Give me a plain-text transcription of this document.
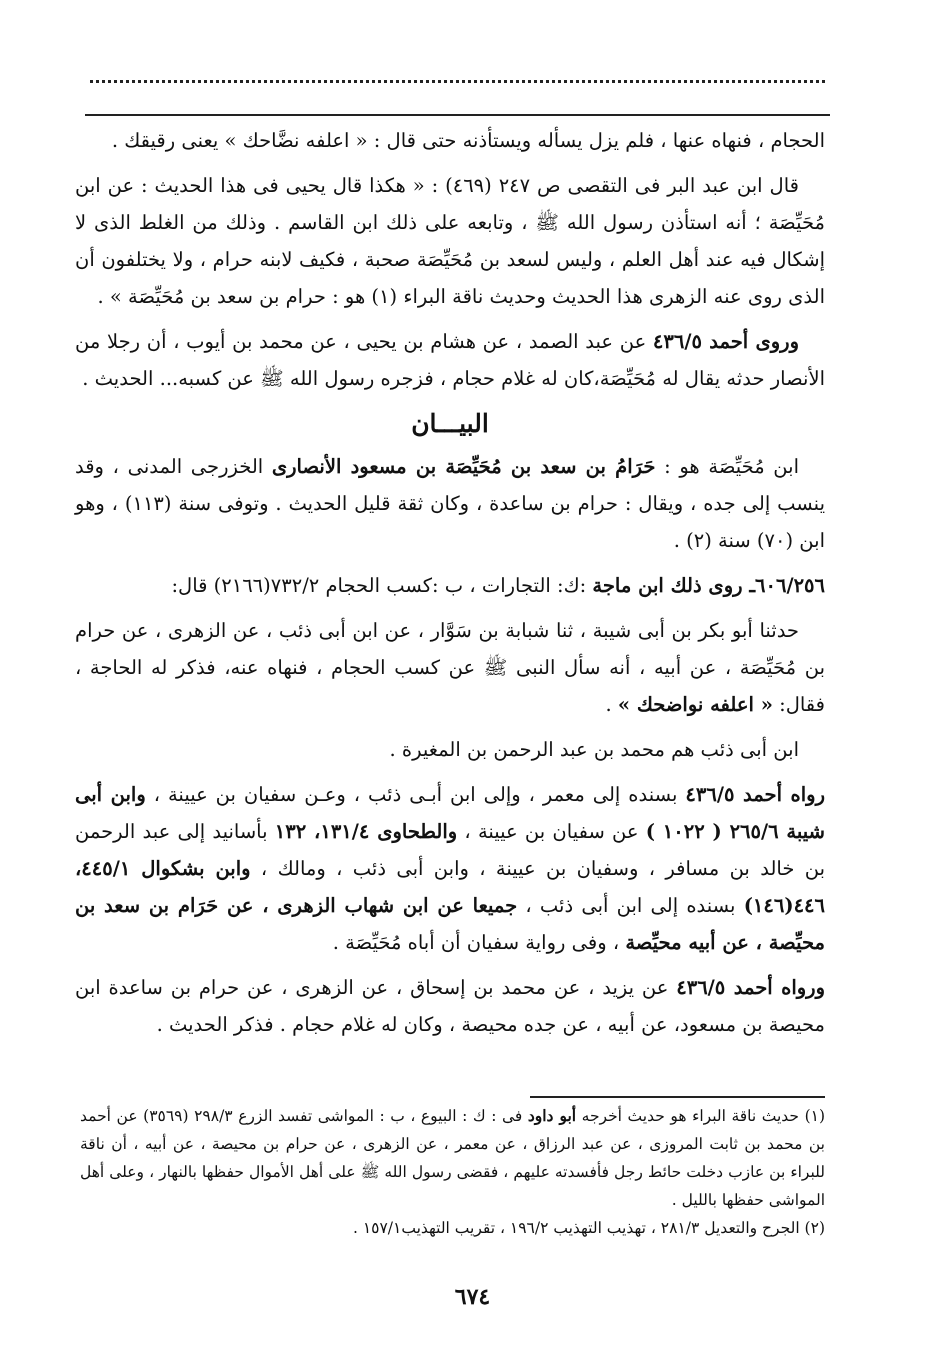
الحجام ، فنهاه عنها ، فلم يزل يسأله ويستأذنه حتى قال : « اعلفه نضَّاحك » يعنى رقيقك .

قال ابن عبد البر فى التقصى ص ٢٤٧ (٤٦٩) : « هكذا قال يحيى فى هذا الحديث : عن ابن مُحَيِّصَة ؛ أنه استأذن رسول الله ﷺ ، وتابعه على ذلك ابن القاسم . وذلك من الغلط الذى لا إشكال فيه عند أهل العلم ، وليس لسعد بن مُحَيِّصَة صحبة ، فكيف لابنه حرام ، ولا يختلفون أن الذى روى عنه الزهرى هذا الحديث وحديث ناقة البراء (١) هو : حرام بن سعد بن مُحَيِّصَة » .

وروى أحمد ٤٣٦/٥ عن عبد الصمد ، عن هشام بن يحيى ، عن محمد بن أيوب ، أن رجلا من الأنصار حدثه يقال له مُحَيِّصَة،كان له غلام حجام ، فزجره رسول الله ﷺ عن كسبه... الحديث .

البيـــان

ابن مُحَيِّصَة هو : حَرَامُ بن سعد بن مُحَيِّصَة بن مسعود الأنصارى الخزرجى المدنى ، وقد ينسب إلى جده ، ويقال : حرام بن ساعدة ، وكان ثقة قليل الحديث . وتوفى سنة (١١٣) ، وهو ابن (٧٠) سنة (٢) .

٦٠٦/٢٥٦ـ روى ذلك ابن ماجة :ك: التجارات ، ب :كسب الحجام ٧٣٢/٢(٢١٦٦) قال:

حدثنا أبو بكر بن أبى شيبة ، ثنا شبابة بن سَوَّار ، عن ابن أبى ذئب ، عن الزهرى ، عن حرام بن مُحَيِّصَة ، عن أبيه ، أنه سأل النبى ﷺ عن كسب الحجام ، فنهاه عنه، فذكر له الحاجة ، فقال: « اعلفه نواضحك » .

ابن أبى ذئب هم محمد بن عبد الرحمن بن المغيرة .

رواه أحمد ٤٣٦/٥ بسنده إلى معمر ، وإلى ابن أبـى ذئب ، وعـن سفيان بن عيينة ، وابن أبى شيبة ٢٦٥/٦ ( ١٠٢٢ ) عن سفيان بن عيينة ، والطحاوى ١٣١/٤، ١٣٢ بأسانيد إلى عبد الرحمن بن خالد بن مسافر ، وسفيان بن عيينة ، وابن أبى ذئب ، ومالك ، وابن بشكوال ٤٤٥/١، ٤٤٦(١٤٦) بسنده إلى ابن أبى ذئب ، جميعا عن ابن شهاب الزهرى ، عن حَرَام بن سعد بن محيِّصة ، عن أبيه محيِّصة ، وفى رواية سفيان أن أباه مُحَيِّصَة .

ورواه أحمد ٤٣٦/٥ عن يزيد ، عن محمد بن إسحاق ، عن الزهرى ، عن حرام بن ساعدة ابن محيصة بن مسعود، عن أبيه ، عن جده محيصة ، وكان له غلام حجام . فذكر الحديث .

(١) حديث ناقة البراء هو حديث أخرجه أبو داود فى : ك : البيوع ، ب : المواشى تفسد الزرع ٢٩٨/٣ (٣٥٦٩) عن أحمد بن محمد بن ثابت المروزى ، عن عبد الرزاق ، عن معمر ، عن الزهرى ، عن حرام بن محيصة ، عن أبيه ، أن ناقة للبراء بن عازب دخلت حائط رجل فأفسدته عليهم ، فقضى رسول الله ﷺ على أهل الأموال حفظها بالنهار ، وعلى أهل المواشى حفظها بالليل .

(٢) الجرح والتعديل ٢٨١/٣ ، تهذيب التهذيب ١٩٦/٢ ، تقريب التهذيب١٥٧/١ .

٦٧٤
